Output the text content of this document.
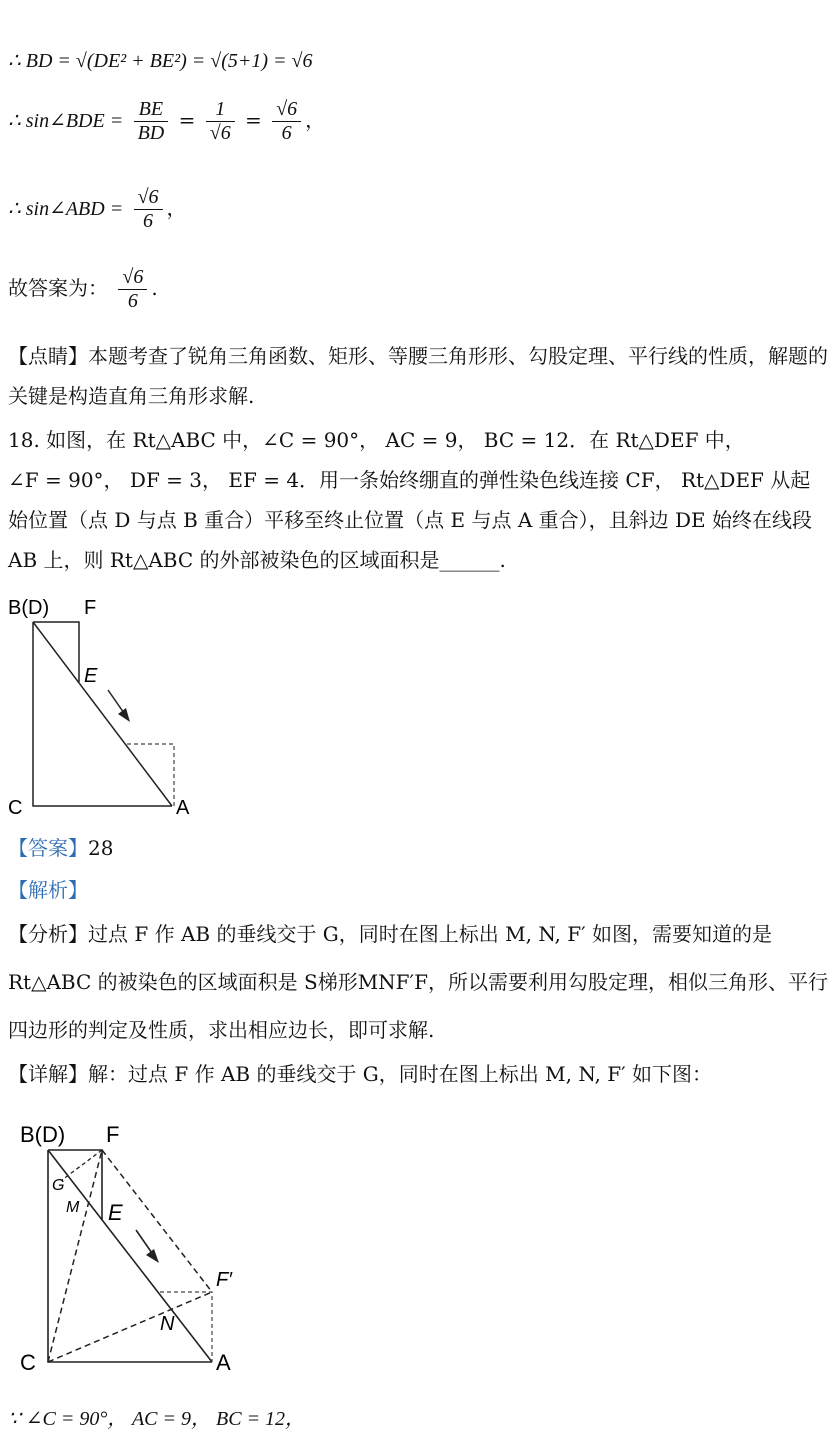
∴ BD = √(DE² + BE²) = √(5+1) = √6
∴ sin∠BDE = $\frac{BE}{BD} = \frac{1}{√6} = \frac{√6}{6}$ ，
∴ sin∠ABD = $\frac{√6}{6}$ ，
故答案为： $\frac{√6}{6}$ .
【点睛】本题考查了锐角三角函数、矩形、等腰三角形形、勾股定理、平行线的性质，解题的关键是构造直角三角形求解.
18. 如图，在 Rt△ABC 中，∠C = 90°， AC = 9， BC = 12．在 Rt△DEF 中，
∠F = 90°， DF = 3， EF = 4．用一条始终绷直的弹性染色线连接 CF， Rt△DEF 从起
始位置（点 D 与点 B 重合）平移至终止位置（点 E 与点 A 重合），且斜边 DE 始终在线段
AB 上，则 Rt△ABC 的外部被染色的区域面积是______.
B(D) F
E
C	A
【答案】28
【解析】
【分析】过点 F 作 AB 的垂线交于 G，同时在图上标出 M, N, F′ 如图，需要知道的是
Rt△ABC 的被染色的区域面积是 S梯形MNF′F，所以需要利用勾股定理，相似三角形、平行
四边形的判定及性质，求出相应边长，即可求解.
【详解】解：过点 F 作 AB 的垂线交于 G，同时在图上标出 M, N, F′ 如下图：
B(D) F
G
M E
F′
N
C	A
∵ ∠C = 90°， AC = 9， BC = 12，
